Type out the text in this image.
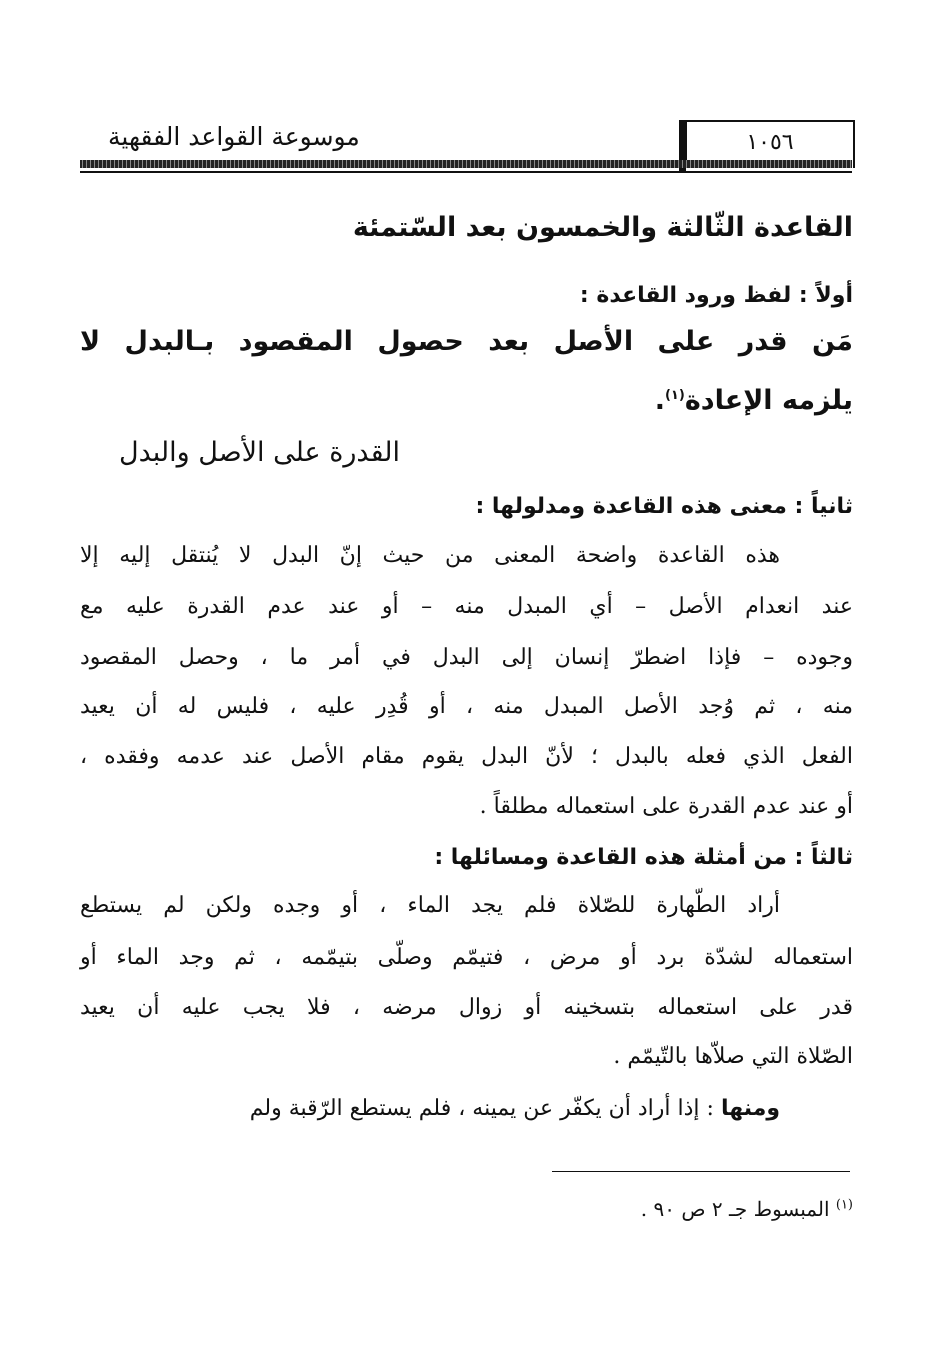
١٠٥٦
موسوعة القواعد الفقهية
القاعدة الثّالثة والخمسون بعد السّتمئة
أولاً : لفظ ورود القاعدة :
مَن قدر على الأصل بعد حصول المقصود بـالبدل لا
يلزمه الإعادة$^{(١)}$.
القدرة على الأصل والبدل
ثانياً : معنى هذه القاعدة ومدلولها :
هذه القاعدة واضحة المعنى من حيث إنّ البدل لا يُنتقل إليه إلا
عند انعدام الأصل – أي المبدل منه – أو عند عدم القدرة عليه مع
وجوده – فإذا اضطرّ إنسان إلى البدل في أمر ما ، وحصل المقصود
منه ، ثم وُجد الأصل المبدل منه ، أو قُدِر عليه ، فليس له أن يعيد
الفعل الذي فعله بالبدل ؛ لأنّ البدل يقوم مقام الأصل عند عدمه وفقده ،
أو عند عدم القدرة على استعماله مطلقاً .
ثالثاً : من أمثلة هذه القاعدة ومسائلها :
أراد الطّهارة للصّلاة فلم يجد الماء ، أو وجده ولكن لم يستطع
استعماله لشدّة برد أو مرض ، فتيمّم وصلّى بتيمّمه ، ثم وجد الماء أو
قدر على استعماله بتسخينه أو زوال مرضه ، فلا يجب عليه أن يعيد
الصّلاة التي صلاّها بالتّيمّم .
ومنها : إذا أراد أن يكفّر عن يمينه ، فلم يستطع الرّقبة ولم
$^{(١)}$ المبسوط جـ ٢ ص ٩٠ .
